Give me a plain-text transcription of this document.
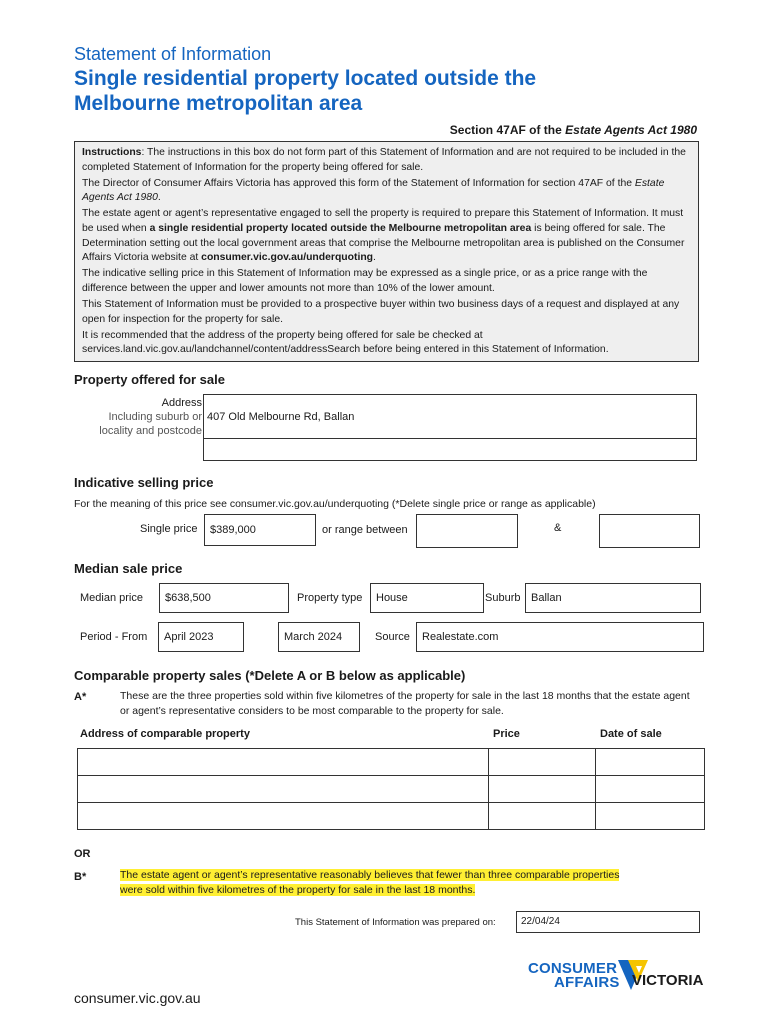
Statement of Information
Single residential property located outside the
Melbourne metropolitan area
Section 47AF of the Estate Agents Act 1980

Instructions: The instructions in this box do not form part of this Statement of Information and are not required to be included in the completed Statement of Information for the property being offered for sale.

The Director of Consumer Affairs Victoria has approved this form of the Statement of Information for section 47AF of the Estate Agents Act 1980.

The estate agent or agent’s representative engaged to sell the property is required to prepare this Statement of Information. It must be used when a single residential property located outside the Melbourne metropolitan area is being offered for sale. The Determination setting out the local government areas that comprise the Melbourne metropolitan area is published on the Consumer Affairs Victoria website at consumer.vic.gov.au/underquoting.

The indicative selling price in this Statement of Information may be expressed as a single price, or as a price range with the difference between the upper and lower amounts not more than 10% of the lower amount.

This Statement of Information must be provided to a prospective buyer within two business days of a request and displayed at any open for inspection for the property for sale.

It is recommended that the address of the property being offered for sale be checked at services.land.vic.gov.au/landchannel/content/addressSearch before being entered in this Statement of Information.

Property offered for sale
Address
Including suburb or
locality and postcode
407 Old Melbourne Rd, Ballan
Indicative selling price
For the meaning of this price see consumer.vic.gov.au/underquoting (*Delete single price or range as applicable)
Single price	$389,000	or range between	&
Median sale price
Median price	$638,500	Property type	House	Suburb Ballan
Period - From	April 2023	March 2024	Source	Realestate.com
Comparable property sales (*Delete A or B below as applicable)
A*	These are the three properties sold within five kilometres of the property for sale in the last 18 months that the estate agent or agent’s representative considers to be most comparable to the property for sale.
Address of comparable property	Price	Date of sale

OR
B*	The estate agent or agent’s representative reasonably believes that fewer than three comparable properties
were sold within five kilometres of the property for sale in the last 18 months.
This Statement of Information was prepared on:	22/04/24
CONSUMER
AFFAIRS VICTORIA
consumer.vic.gov.au
